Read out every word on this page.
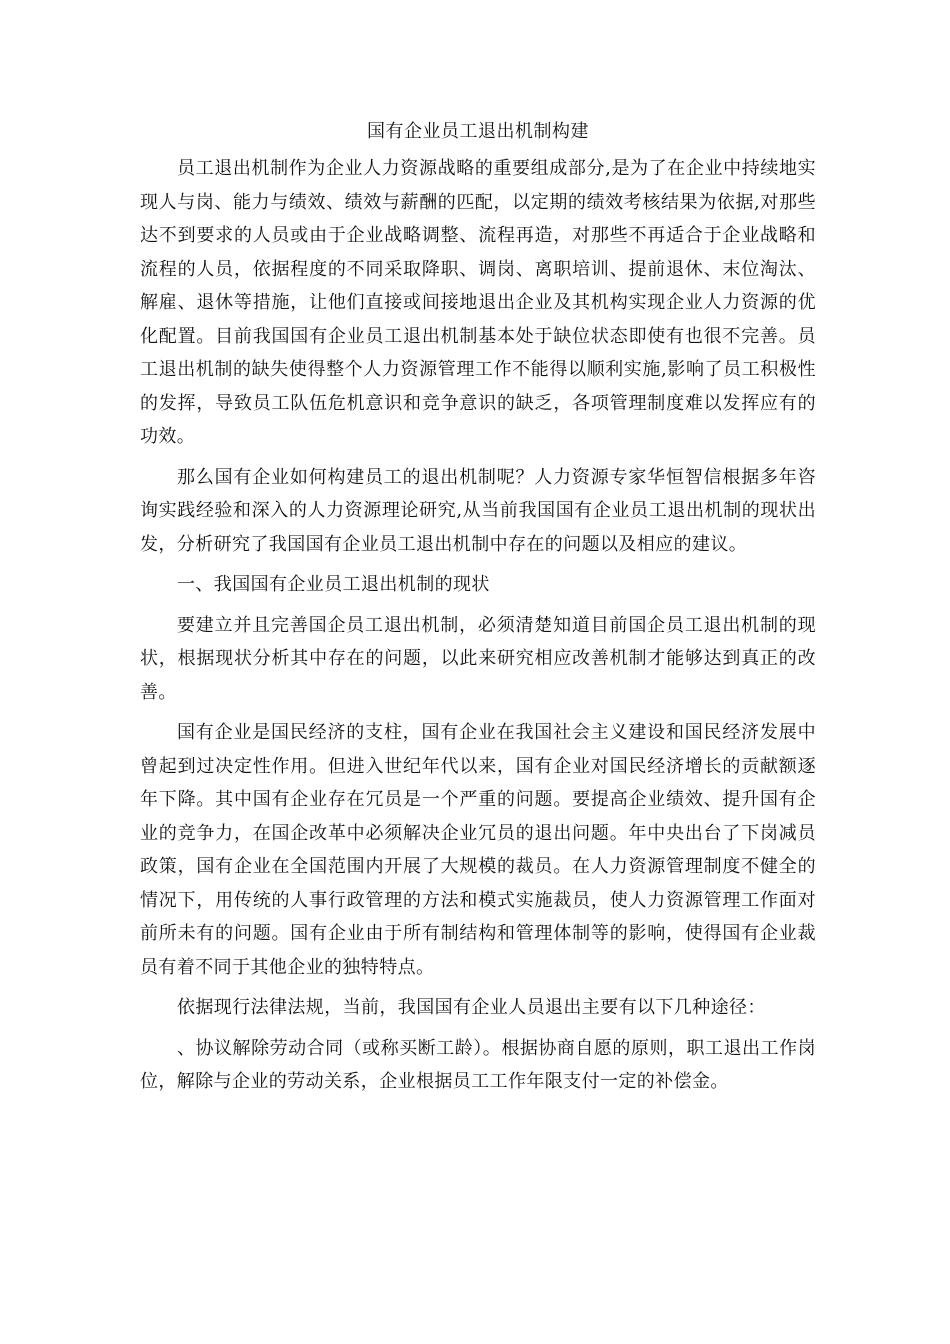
国有企业员工退出机制构建

员工退出机制作为企业人力资源战略的重要组成部分,是为了在企业中持续地实现人与岗、能力与绩效、绩效与薪酬的匹配，以定期的绩效考核结果为依据,对那些达不到要求的人员或由于企业战略调整、流程再造，对那些不再适合于企业战略和流程的人员，依据程度的不同采取降职、调岗、离职培训、提前退休、末位淘汰、解雇、退休等措施，让他们直接或间接地退出企业及其机构实现企业人力资源的优化配置。目前我国国有企业员工退出机制基本处于缺位状态即使有也很不完善。员工退出机制的缺失使得整个人力资源管理工作不能得以顺利实施,影响了员工积极性的发挥，导致员工队伍危机意识和竞争意识的缺乏，各项管理制度难以发挥应有的功效。

那么国有企业如何构建员工的退出机制呢？人力资源专家华恒智信根据多年咨询实践经验和深入的人力资源理论研究,从当前我国国有企业员工退出机制的现状出发，分析研究了我国国有企业员工退出机制中存在的问题以及相应的建议。

一、我国国有企业员工退出机制的现状

要建立并且完善国企员工退出机制，必须清楚知道目前国企员工退出机制的现状，根据现状分析其中存在的问题，以此来研究相应改善机制才能够达到真正的改善。

国有企业是国民经济的支柱，国有企业在我国社会主义建设和国民经济发展中曾起到过决定性作用。但进入世纪年代以来，国有企业对国民经济增长的贡献额逐年下降。其中国有企业存在冗员是一个严重的问题。要提高企业绩效、提升国有企业的竞争力，在国企改革中必须解决企业冗员的退出问题。年中央出台了下岗减员政策，国有企业在全国范围内开展了大规模的裁员。在人力资源管理制度不健全的情况下，用传统的人事行政管理的方法和模式实施裁员，使人力资源管理工作面对前所未有的问题。国有企业由于所有制结构和管理体制等的影响，使得国有企业裁员有着不同于其他企业的独特特点。

依据现行法律法规，当前，我国国有企业人员退出主要有以下几种途径：

、协议解除劳动合同（或称买断工龄）。根据协商自愿的原则，职工退出工作岗位，解除与企业的劳动关系，企业根据员工工作年限支付一定的补偿金。
